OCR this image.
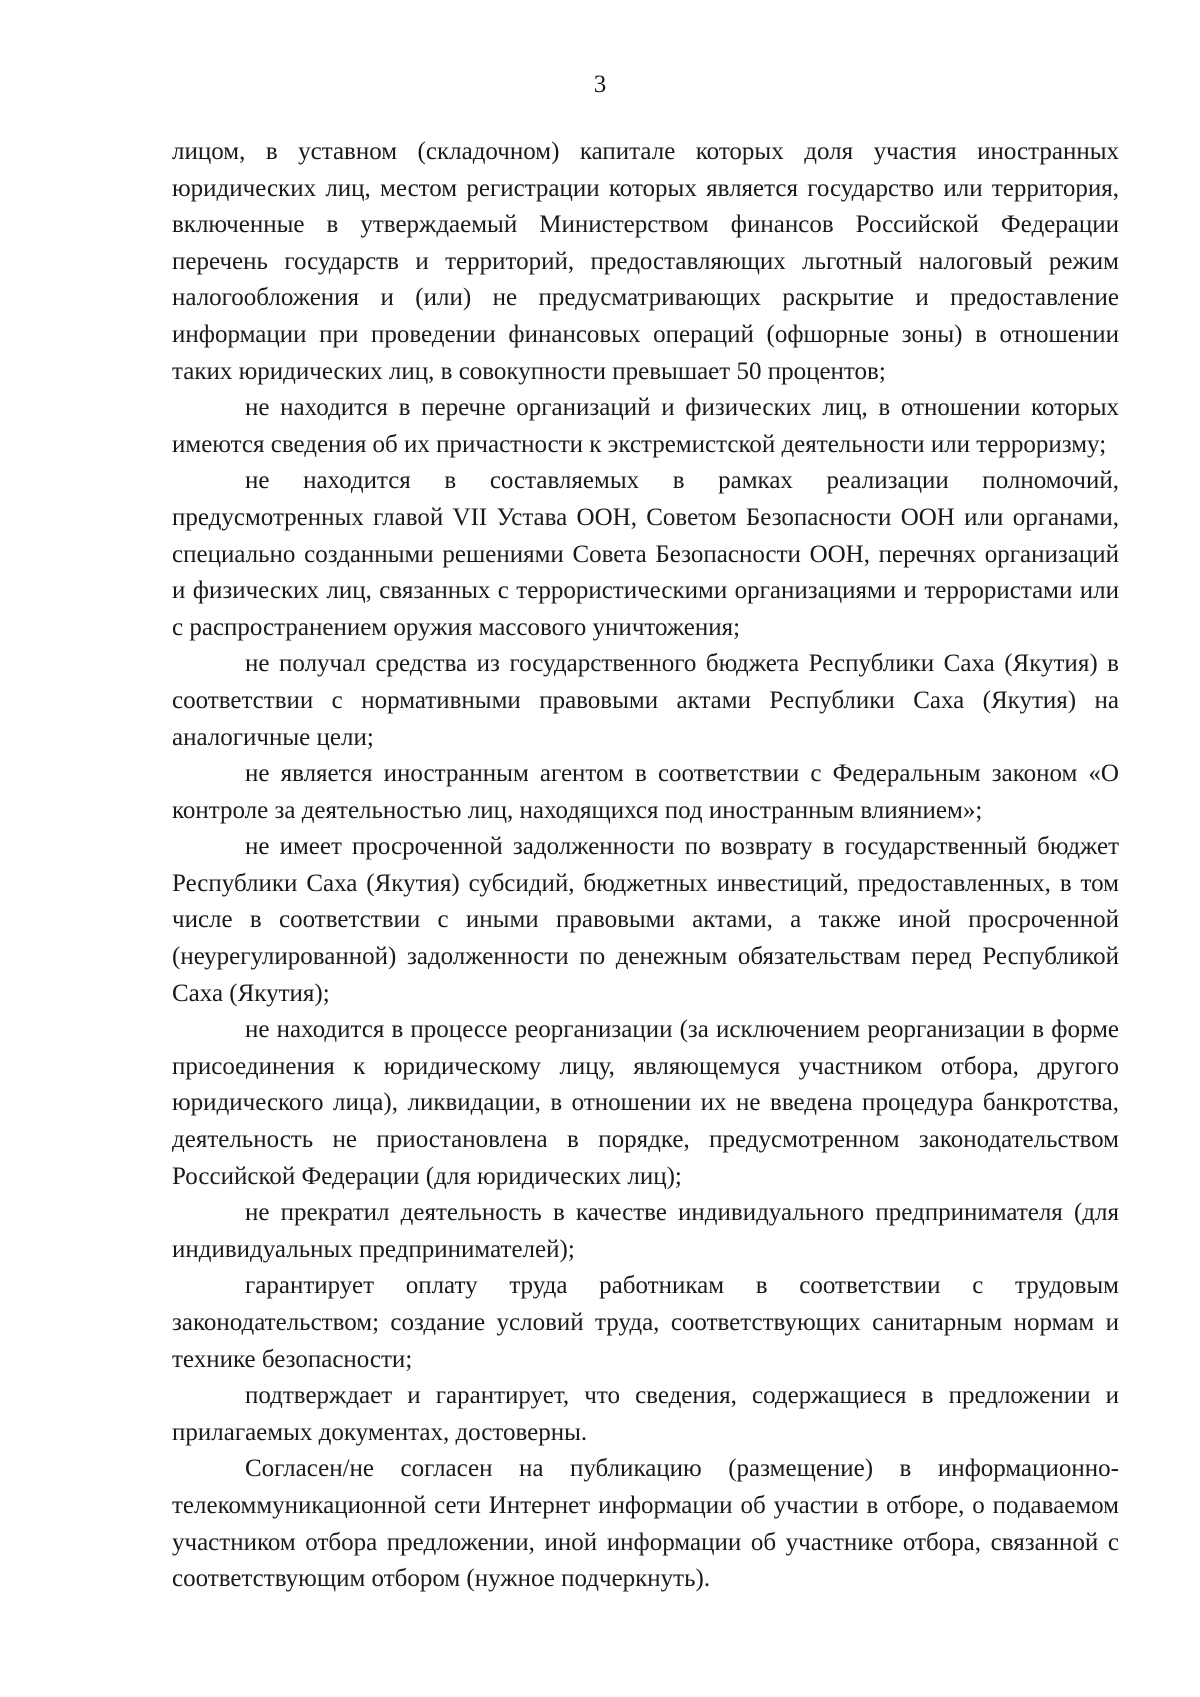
3

лицом, в уставном (складочном) капитале которых доля участия иностранных юридических лиц, местом регистрации которых является государство или территория, включенные в утверждаемый Министерством финансов Российской Федерации перечень государств и территорий, предоставляющих льготный налоговый режим налогообложения и (или) не предусматривающих раскрытие и предоставление информации при проведении финансовых операций (офшорные зоны) в отношении таких юридических лиц, в совокупности превышает 50 процентов;

не находится в перечне организаций и физических лиц, в отношении которых имеются сведения об их причастности к экстремистской деятельности или терроризму;

не находится в составляемых в рамках реализации полномочий, предусмотренных главой VII Устава ООН, Советом Безопасности ООН или органами, специально созданными решениями Совета Безопасности ООН, перечнях организаций и физических лиц, связанных с террористическими организациями и террористами или с распространением оружия массового уничтожения;

не получал средства из государственного бюджета Республики Саха (Якутия) в соответствии с нормативными правовыми актами Республики Саха (Якутия) на аналогичные цели;

не является иностранным агентом в соответствии с Федеральным законом «О контроле за деятельностью лиц, находящихся под иностранным влиянием»;

не имеет просроченной задолженности по возврату в государственный бюджет Республики Саха (Якутия) субсидий, бюджетных инвестиций, предоставленных, в том числе в соответствии с иными правовыми актами, а также иной просроченной (неурегулированной) задолженности по денежным обязательствам перед Республикой Саха (Якутия);

не находится в процессе реорганизации (за исключением реорганизации в форме присоединения к юридическому лицу, являющемуся участником отбора, другого юридического лица), ликвидации, в отношении их не введена процедура банкротства, деятельность не приостановлена в порядке, предусмотренном законодательством Российской Федерации (для юридических лиц);

не прекратил деятельность в качестве индивидуального предпринимателя (для индивидуальных предпринимателей);

гарантирует оплату труда работникам в соответствии с трудовым законодательством; создание условий труда, соответствующих санитарным нормам и технике безопасности;

подтверждает и гарантирует, что сведения, содержащиеся в предложении и прилагаемых документах, достоверны.

Согласен/не согласен на публикацию (размещение) в информационно-телекоммуникационной сети Интернет информации об участии в отборе, о подаваемом участником отбора предложении, иной информации об участнике отбора, связанной с соответствующим отбором (нужное подчеркнуть).
